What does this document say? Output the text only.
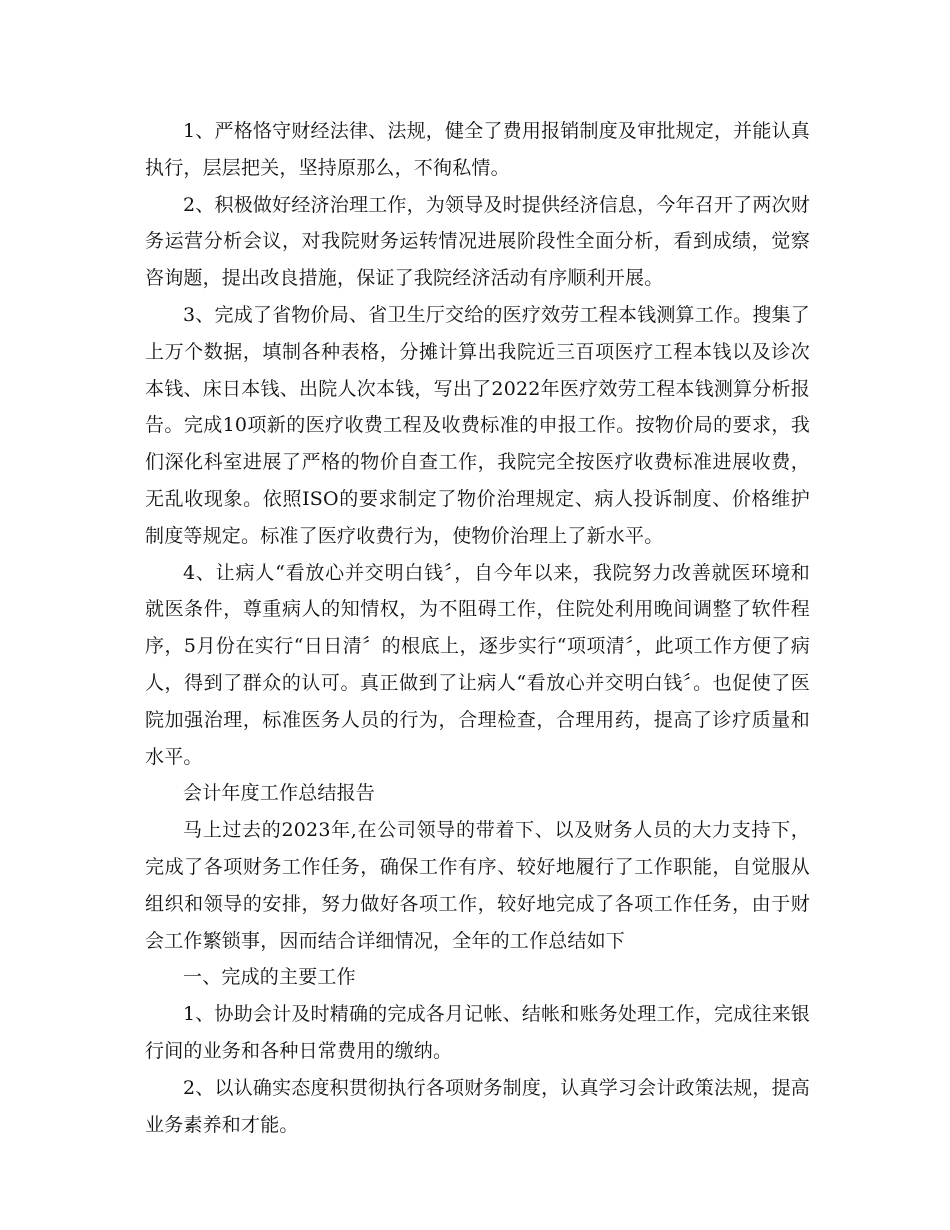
1、严格恪守财经法律、法规，健全了费用报销制度及审批规定，并能认真执行，层层把关，坚持原那么，不徇私情。

2、积极做好经济治理工作，为领导及时提供经济信息，今年召开了两次财务运营分析会议，对我院财务运转情况进展阶段性全面分析，看到成绩，觉察咨询题，提出改良措施，保证了我院经济活动有序顺利开展。

3、完成了省物价局、省卫生厅交给的医疗效劳工程本钱测算工作。搜集了上万个数据，填制各种表格，分摊计算出我院近三百项医疗工程本钱以及诊次本钱、床日本钱、出院人次本钱，写出了2022年医疗效劳工程本钱测算分析报告。完成10项新的医疗收费工程及收费标准的申报工作。按物价局的要求，我们深化科室进展了严格的物价自查工作，我院完全按医疗收费标准进展收费，无乱收现象。依照ISO的要求制定了物价治理规定、病人投诉制度、价格维护制度等规定。标准了医疗收费行为，使物价治理上了新水平。

4、让病人“看放心并交明白钱〞，自今年以来，我院努力改善就医环境和就医条件，尊重病人的知情权，为不阻碍工作，住院处利用晚间调整了软件程序，5月份在实行“日日清〞的根底上，逐步实行“项项清〞，此项工作方便了病人，得到了群众的认可。真正做到了让病人“看放心并交明白钱〞。也促使了医院加强治理，标准医务人员的行为，合理检查，合理用药，提高了诊疗质量和水平。

会计年度工作总结报告

马上过去的2023年,在公司领导的带着下、以及财务人员的大力支持下，完成了各项财务工作任务，确保工作有序、较好地履行了工作职能，自觉服从组织和领导的安排，努力做好各项工作，较好地完成了各项工作任务，由于财会工作繁锁事，因而结合详细情况，全年的工作总结如下

一、完成的主要工作

1、协助会计及时精确的完成各月记帐、结帐和账务处理工作，完成往来银行间的业务和各种日常费用的缴纳。

2、以认确实态度积贯彻执行各项财务制度，认真学习会计政策法规，提高业务素养和才能。
